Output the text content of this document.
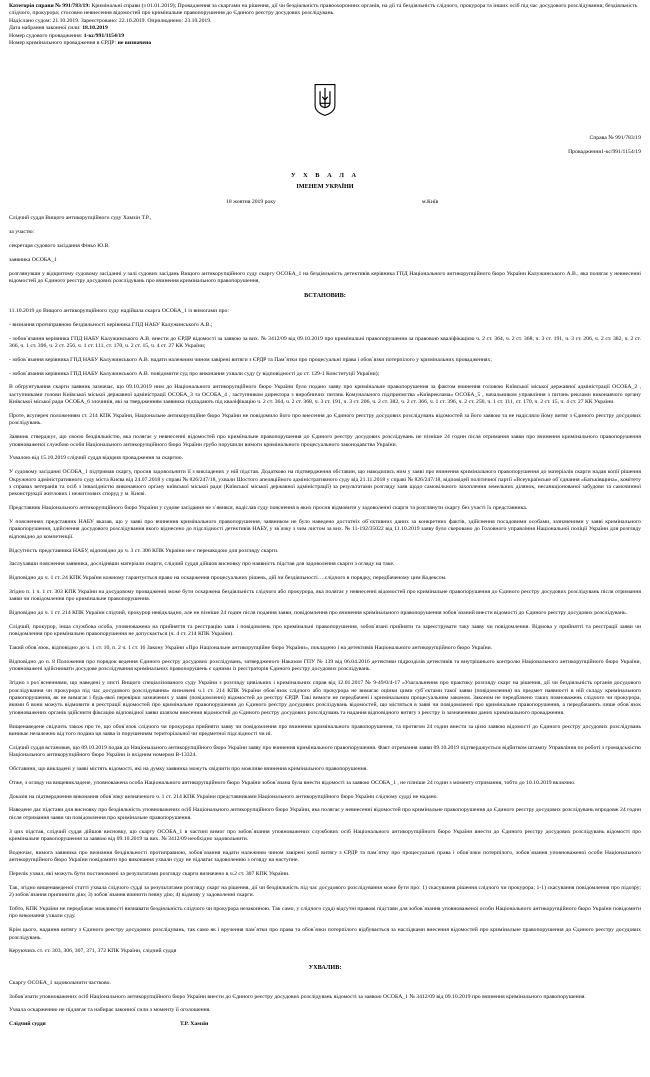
Категорія справи № 991/783/19: Кримінальні справи (з 01.01.2019); Провадження за скаргами на рішення, дії чи бездіяльність правоохоронних органів, на дії та бездіяльність слідчого, прокурора та інших осіб під час досудового розслідування; бездіяльність слідчого, прокурора; стосовно невнесення відомостей про кримінальне правопорушення до Єдиного реєстру досудових розслідувань.
Надіслано судом: 21.10.2019. Зареєстровано: 22.10.2019. Оприлюднено: 23.10.2019.
Дата набрання законної сили: 18.10.2019
Номер судового провадження: 1-кс/991/1154/19
Номер кримінального провадження в ЄРДР: не визначено
Справа № 991/783/19
Провадження1-кс/991/1154/19
У Х В А Л А
ІМЕНЕМ УКРАЇНИ
18 жовтня 2019 року	м.Київ

Слідчий суддя Вищого антикорупційного суду Хамзін Т.Р.,

за участю:

секретаря судового засідання Фіньо Ю.В.

заявника ОСОБА_1

розглянувши у відкритому судовому засіданні у залі судових засідань Вищого антикорупційного суду скаргу ОСОБА_1 на бездіяльність детективів керівника ГПД Національного антикорупційного бюро України Калужинського А.В., яка полягає у невнесенні відомостей до Єдиного реєстру досудових розслідувань про вчинення кримінального правопорушення,

ВСТАНОВИВ:

11.10.2019 до Вищого антикорупційного суду надійшла скарга ОСОБА_1 із вимогами про:

- визнання протиправною бездіяльності керівника ГПД НАБУ Калужинського А.В.;

- зобов`язання керівника ГПД НАБУ Калужинського А.В. внести до ЄРДР відомості за заявою за вих. № 3412/09 від 09.10.2019 про кримінальні правопорушення за правовою кваліфікацією ч. 2 ст. 364, ч. 2 ст. 368, ч. 3 ст. 191, ч. 3 ст. 206, ч. 2 ст. 382, ч. 2 ст. 366, ч. 1 ст. 396, ч. 2 ст. 256, ч. 1 ст. 111, ст. 170, ч. 2 ст. 15, ч. 4 ст. 27 КК України;

- зобов`язання керівника ГПД НАБУ Калужинського А.В. надати належним чином завірені витяги з ЄРДР та Пам`ятки про процесуальні права і обов`язки потерпілого у кримінальних провадженнях;

- зобов`язання керівника ГПД НАБУ Калужинського А.В. повідомити суд про виконання ухвали суду (у відповідності до ст. 129-1 Конституції України);

В обґрунтування скарги заявник зазначає, що 09.10.2019 ним до Національного антикорупційного бюро України було подано заяву про кримінальне правопорушення за фактом вчинення головою Київської міської державної адміністрації ОСОБА_2 , заступниками голови Київської міської державної адміністрації ОСОБА_3 та ОСОБА_4 , заступником директора з виробничих питань Комунального підприємства «Київреклама» ОСОБА_5 , начальником управління з питань реклами виконавчого органу Київської міської ради ОСОБА_6 злочинів, які за твердженням заявника підпадають під кваліфікацію ч. 2 ст. 364, ч. 2 ст. 368, ч. 3 ст. 191, ч. 3 ст. 206, ч. 2 ст. 382, ч. 2 ст. 366, ч. 1 ст. 396, ч. 2 ст. 256, ч. 1 ст. 111, ст. 170, ч. 2 ст. 15, ч. 4 ст. 27 КК України.

Проте, всупереч положенням ст. 214 КПК України, Національне антикорупційне бюро України не повідомило його про внесення до Єдиного реєстру досудових розслідувань відомостей за його заявою та не надісляло йому витяг з Єдиного реєстру досудових розслідувань.

Заявник стверджує, що своєю бездіяльністю, яка полягає у невнесенні відомостей про кримінальне правопорушення до Єдиного реєстру досудових розслідувань не пізніше 24 годин після отримання заяви про вчинення кримінального правопорушення уповноваженої службою особи Національного антикорупційного бюро України грубо порушили вимоги кримінального процесуального законодавства України.

Ухвалою від 15.10.2019 слідчий суддя відкрив провадження за скаргою.

У судовому засіданні ОСОБА_1 підтримав скаргу, просив задовольнити її з викладених у ній підстав. Додатково на підтвердження обставин, що наводились ним у заяві про вчинення кримінального правопорушення до матеріалів скарги надав копії рішення Окружного адміністративного суду міста Києва від 24.07.2018 у справі № 826/247/18, ухвали Шостого апеляційного адміністративного суду від 21.11.2018 у справі № 826/247/18, відповідей політичної партії «Всеукраїнське об`єднання «Батьківщина», комітету з справах ветеранів та осіб з інвалідністю виконавчого органу київської міської ради (Київської міської державної адміністрації) за результатами розгляду заяв щодо самовільного захоплення земельних ділянок, несанкціонованої забудови та самочинної реконструкції житлових і нежитлових споруд у м. Києві.

Представник Національного антикорупційного бюро України у судове засідання не з`явився, надіслав суду пояснення в яких просив відмовити у задоволенні скарги та розглянути скаргу без участі їх представника.

У поясненнях представник НАБУ вказав, що у заяві про вчинення кримінального правопорушення, заявником не було наведено достатніх об`єктивних даних за конкретних фактів, здійснення посадовими особами, зазначеними у заяві кримінального правопорушення, здійснення досудового розслідування якого віднесено до підслідності детективів НАБУ, у зв`язку з чим листом за вих. № 11-192/35022 від 11.10.2019 заяву було скеровано до Головного управління Національної поліції України для розгляду відповідно до компетенції.

Відсутність представника НАБУ, відповідно до ч. 3 ст. 306 КПК України не є перешкодою для розгляду скарги.

Заслухавши пояснення заявника, дослідивши матеріали скарги, слідчий суддя дійшов висновку про наявність підстав для задоволення скарги з огляду на таке.

Відповідно до ч. 1 ст. 24 КПК України кожному гарантується право на оскарження процесуальних рішень, дій чи бездіяльності….слідчого в порядку, передбаченому цим Кодексом.

Згідно п. 1 ч. 1 ст. 303 КПК України на досудовому провадженні може бути оскаржена бездіяльність слідчого або прокурора, яка полягає у невнесенні відомостей про кримінальне правопорушення до Єдиного реєстру досудових розслідувань після отримання заяви чи повідомлення про кримінальне правопорушення.

Відповідно до ч. 1 ст. 214 КПК України слідчий, прокурор невідкладно, але не пізніше 24 годин після подання заяви, повідомлення про вчинення кримінального правопорушення зобов`язаний внести відомості до Єдиного реєстру досудових розслідувань.

Слідчий, прокурор, інша службова особа, уповноважена на прийняття та реєстрацію заяв і повідомлень про кримінальні правопорушення, зобов`язані прийняти та зареєструвати таку заяву чи повідомлення. Відмова у прийнятті та реєстрації заяви чи повідомлення про кримінальне правопорушення не допускається (ч. 4 ст. 214 КПК України).

Такий обов`язок, відповідно до ч. 1 ст. 10, п. 2 ч. 1 ст. 16 Закону України «Про Національне антикорупційне бюро України», покладено і на детективів Національного антикорупційного бюро України.

Відповідно до п. 8 Положення про порядок ведення Єдиного реєстру досудових розслідувань, затвердженого Наказом ГПУ № 139 від 06.04.2016 детективи підрозділів детективів та внутрішнього контролю Національного антикорупційного бюро України, уповноважені здійснювати досудове розслідування кримінальних правопорушень є одними із реєстраторів Єдиного реєстру досудових розслідувань.

Згідно з роз`ясненнями, що наведені у листі Вищого спеціалізованого суду України з розгляду цивільних і кримінальних справ від 12.01.2017 № 9-49/0/4-17 «Узагальнення про практику розгляду скарг на рішення, дії чи бездіяльність органів досудового розслідування чи прокурора під час досудового розслідування» визначені ч.1 ст. 214 КПК України обов`язок слідчого або прокурора не вимагає оцінки цими суб`єктами такої заяви (повідомлення) на предмет наявності в ній складу кримінального правопорушення, як не вимагає і будь-якої перевірки зазначених у заяві (повідомленні) відомостей до реєстру ЄРДР. Такі вимоги не передбачені і кримінальним процесуальним законом. Законом не передбачено таких повноважень слідчого чи прокурора, якими б вони можуть відмовити в реєстрації відомостей про кримінальне правопорушення до Єдиного реєстру досудових розслідувань відомостей, що містяться в заяві чи повідомленні про кримінальне правопорушення, а передбачають лише обов`язок уповноважених органів здійснити фіксацію відповідної заяви шляхом внесення відомостей до Єдиного реєстру досудових розслідувань та надання відповідного витягу з реєстру із зазначенням даних кримінального провадження.

Вищенаведене свідчить також про те, що обов`язок слідчого чи прокурора прийняти заяву чи повідомлення про вчинення кримінального правопорушення, та протягом 24 годин внести за цією заявою відомості до Єдиного реєстру досудових розслідувань виникає незалежно від того подана ця заява із порушенням територіальної чи предметної підслідності чи ні.

Слідчий суддя встановив, що 09.10.2019 подав до Національного антикорупційного бюро України заяву про вчинення кримінального правопорушення. Факт отримання заяви 09.10.2019 підтверджується відбитком штампу Управління по роботі з громадськістю Національного антикорупційного бюро України із вхідним номером В-13324.

Обставини, що викладені у заяві містять відомості, які на думку заявника можуть свідчити про можливе вчинення кримінального правопорушення.

Отже, з огляду на вищевикладене, уповноважена особа Національного антикорупційного бюро України зобов`язана була внести відомості за заявою ОСОБА_1 , не пізніше 24 годин з моменту отримання, тобто до 10.10.2019 включно.

Доказів на підтвердження виконання обов`язку визначеного ч. 1 ст. 214 КПК України представниками Національного антикорупційного бюро України слідчому судді не надано.

Наведене дає підстави для висновку про бездіяльність уповноважених осіб Національного антикорупційного бюро України, яка полягає у невнесенні відомостей про кримінальне правопорушення до Єдиного реєстру досудових розслідувань впродовж 24 годин після отримання заяви чи повідомлення про кримінальне правопорушення.

З цих підстав, слідчий суддя дійшов висновку, що скаргу ОСОБА_1 в частині вимог про зобов`язання уповноважених службових осіб Національного антикорупційного бюро України внести до Єдиного реєстру досудових розслідувань відомості про кримінальне правопорушення за заявою від 09.10.2019 за вих. № 3412/09 необхідно задовольнити.

Водночас, вимога заявника про визнання бездіяльності протиправною, зобов`язання надати належним чином завірені копії витягу з ЄРДР та пам`ятку про процесуальні права і обов`язки потерпілого, зобов`язання уповноваженої особи Національного антикорупційного бюро України повідомити про виконання ухвали суду не підлягає задоволенню з огляду на наступне.

Перелік ухвал, які можуть бути постановлені за результатами розгляду скарги визначено в ч.2 ст. 307 КПК України.

Так, згідно вищенаведеної статті ухвала слідчого судді за результатами розгляду скарг на рішення, дії чи бездіяльність під час досудового розслідування може бути про: 1) скасування рішення слідчого чи прокурора; 1-1) скасування повідомлення про підозру; 2) зобов`язання припинити дію; 3) зобов`язання вчинити певну дію; 4) відмову у задоволенні скарги.

Тобто, КПК України не передбачає можливості визнавати бездіяльність слідчого чи прокурора незаконною. Так само, у слідчого судді відсутні правові підстави для зобов`язання уповноваженої особи Національного антикорупційного бюро України повідомити про виконання ухвали суду.

Крім цього, надання витягу з Єдиного реєстру досудових розслідувань, так само як і вручення пам`ятки про права та обов`язки потерпілого відбувається за наслідками внесення відомостей про кримінальне правопорушення до Єдиного реєстру досудових розслідувань.

Керуючись ст. ст. 303, 306, 307, 371, 372 КПК України, слідчий суддя

УХВАЛИВ:

Скаргу ОСОБА_1 задовольнити частково.

Зобов`язати уповноважених осіб Національного антикорупційного бюро України внести до Єдиного реєстру досудових розслідувань відомості за заявою ОСОБА_1 № 3412/09 від 09.10.2019 про вчинення кримінального правопорушення.

Ухвала оскарженню не підлягає та набирає законної сили з моменту її оголошення.

Слідчий суддя	Т.Р. Хамзін
